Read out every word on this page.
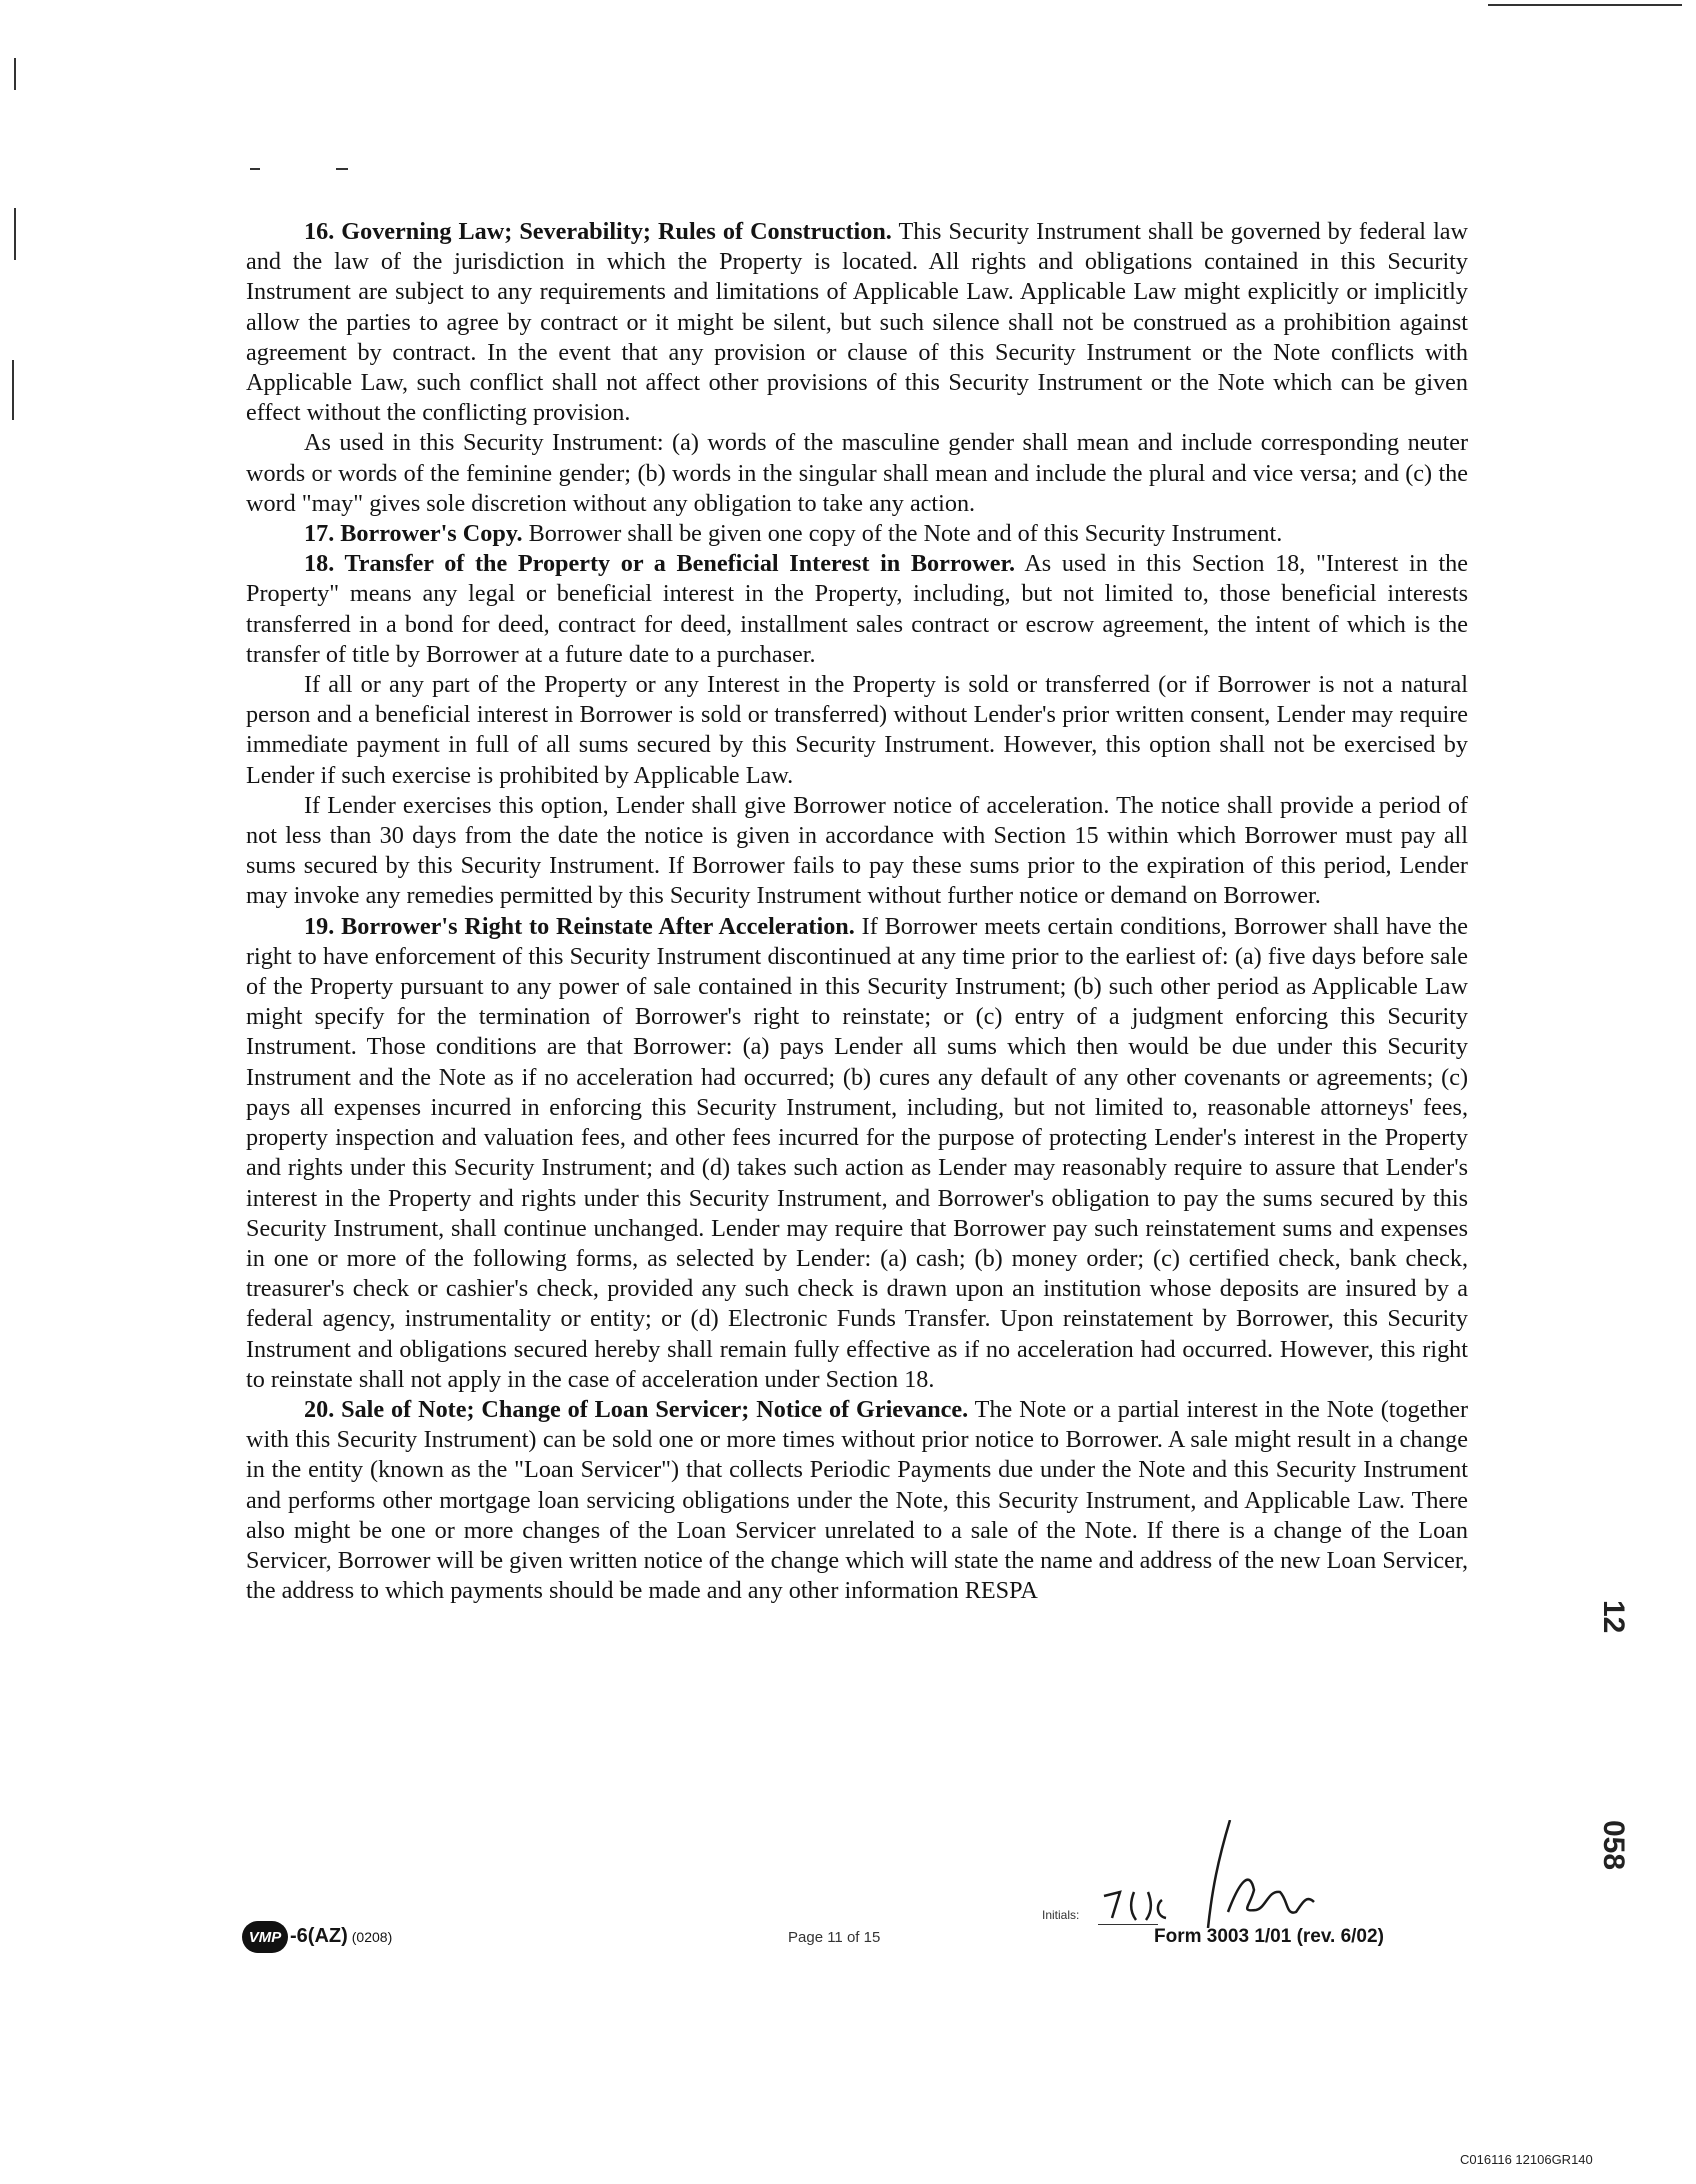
16. Governing Law; Severability; Rules of Construction. This Security Instrument shall be governed by federal law and the law of the jurisdiction in which the Property is located. All rights and obligations contained in this Security Instrument are subject to any requirements and limitations of Applicable Law. Applicable Law might explicitly or implicitly allow the parties to agree by contract or it might be silent, but such silence shall not be construed as a prohibition against agreement by contract. In the event that any provision or clause of this Security Instrument or the Note conflicts with Applicable Law, such conflict shall not affect other provisions of this Security Instrument or the Note which can be given effect without the conflicting provision.

As used in this Security Instrument: (a) words of the masculine gender shall mean and include corresponding neuter words or words of the feminine gender; (b) words in the singular shall mean and include the plural and vice versa; and (c) the word "may" gives sole discretion without any obligation to take any action.

17. Borrower's Copy. Borrower shall be given one copy of the Note and of this Security Instrument.

18. Transfer of the Property or a Beneficial Interest in Borrower. As used in this Section 18, "Interest in the Property" means any legal or beneficial interest in the Property, including, but not limited to, those beneficial interests transferred in a bond for deed, contract for deed, installment sales contract or escrow agreement, the intent of which is the transfer of title by Borrower at a future date to a purchaser.

If all or any part of the Property or any Interest in the Property is sold or transferred (or if Borrower is not a natural person and a beneficial interest in Borrower is sold or transferred) without Lender's prior written consent, Lender may require immediate payment in full of all sums secured by this Security Instrument. However, this option shall not be exercised by Lender if such exercise is prohibited by Applicable Law.

If Lender exercises this option, Lender shall give Borrower notice of acceleration. The notice shall provide a period of not less than 30 days from the date the notice is given in accordance with Section 15 within which Borrower must pay all sums secured by this Security Instrument. If Borrower fails to pay these sums prior to the expiration of this period, Lender may invoke any remedies permitted by this Security Instrument without further notice or demand on Borrower.

19. Borrower's Right to Reinstate After Acceleration. If Borrower meets certain conditions, Borrower shall have the right to have enforcement of this Security Instrument discontinued at any time prior to the earliest of: (a) five days before sale of the Property pursuant to any power of sale contained in this Security Instrument; (b) such other period as Applicable Law might specify for the termination of Borrower's right to reinstate; or (c) entry of a judgment enforcing this Security Instrument. Those conditions are that Borrower: (a) pays Lender all sums which then would be due under this Security Instrument and the Note as if no acceleration had occurred; (b) cures any default of any other covenants or agreements; (c) pays all expenses incurred in enforcing this Security Instrument, including, but not limited to, reasonable attorneys' fees, property inspection and valuation fees, and other fees incurred for the purpose of protecting Lender's interest in the Property and rights under this Security Instrument; and (d) takes such action as Lender may reasonably require to assure that Lender's interest in the Property and rights under this Security Instrument, and Borrower's obligation to pay the sums secured by this Security Instrument, shall continue unchanged. Lender may require that Borrower pay such reinstatement sums and expenses in one or more of the following forms, as selected by Lender: (a) cash; (b) money order; (c) certified check, bank check, treasurer's check or cashier's check, provided any such check is drawn upon an institution whose deposits are insured by a federal agency, instrumentality or entity; or (d) Electronic Funds Transfer. Upon reinstatement by Borrower, this Security Instrument and obligations secured hereby shall remain fully effective as if no acceleration had occurred. However, this right to reinstate shall not apply in the case of acceleration under Section 18.

20. Sale of Note; Change of Loan Servicer; Notice of Grievance. The Note or a partial interest in the Note (together with this Security Instrument) can be sold one or more times without prior notice to Borrower. A sale might result in a change in the entity (known as the "Loan Servicer") that collects Periodic Payments due under the Note and this Security Instrument and performs other mortgage loan servicing obligations under the Note, this Security Instrument, and Applicable Law. There also might be one or more changes of the Loan Servicer unrelated to a sale of the Note. If there is a change of the Loan Servicer, Borrower will be given written notice of the change which will state the name and address of the new Loan Servicer, the address to which payments should be made and any other information RESPA

VMP -6(AZ) (0208)	Page 11 of 15
Initials:
Form 3003 1/01 (rev. 6/02)
C016116 12106GR140
12
058
